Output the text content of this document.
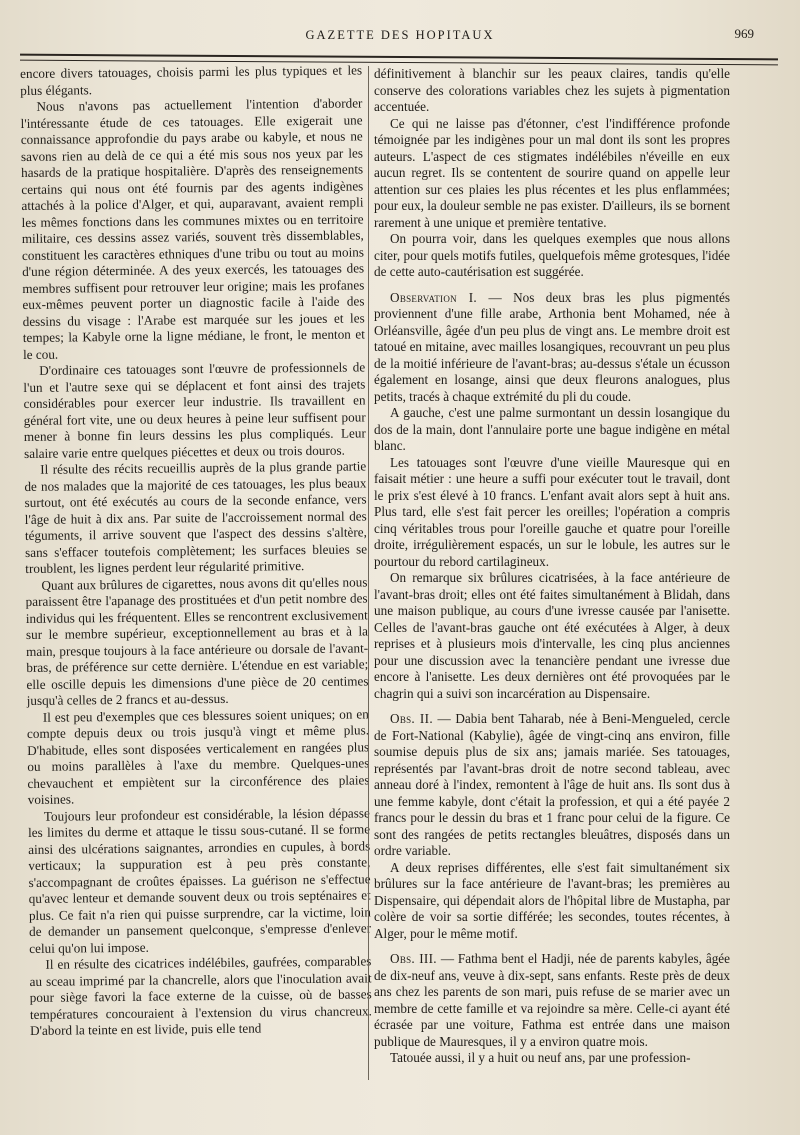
GAZETTE DES HOPITAUX	969

encore divers tatouages, choisis parmi les plus typiques et les plus élégants.

Nous n'avons pas actuellement l'intention d'aborder l'intéressante étude de ces tatouages. Elle exigerait une connaissance approfondie du pays arabe ou kabyle, et nous ne savons rien au delà de ce qui a été mis sous nos yeux par les hasards de la pratique hospitalière. D'après des renseignements certains qui nous ont été fournis par des agents indigènes attachés à la police d'Alger, et qui, auparavant, avaient rempli les mêmes fonctions dans les communes mixtes ou en territoire militaire, ces dessins assez variés, souvent très dissemblables, constituent les caractères ethniques d'une tribu ou tout au moins d'une région déterminée. A des yeux exercés, les tatouages des membres suffisent pour retrouver leur origine; mais les profanes eux-mêmes peuvent porter un diagnostic facile à l'aide des dessins du visage : l'Arabe est marquée sur les joues et les tempes; la Kabyle orne la ligne médiane, le front, le menton et le cou.

D'ordinaire ces tatouages sont l'œuvre de professionnels de l'un et l'autre sexe qui se déplacent et font ainsi des trajets considérables pour exercer leur industrie. Ils travaillent en général fort vite, une ou deux heures à peine leur suffisent pour mener à bonne fin leurs dessins les plus compliqués. Leur salaire varie entre quelques piécettes et deux ou trois douros.

Il résulte des récits recueillis auprès de la plus grande partie de nos malades que la majorité de ces tatouages, les plus beaux surtout, ont été exécutés au cours de la seconde enfance, vers l'âge de huit à dix ans. Par suite de l'accroissement normal des téguments, il arrive souvent que l'aspect des dessins s'altère, sans s'effacer toutefois complètement; les surfaces bleuies se troublent, les lignes perdent leur régularité primitive.

Quant aux brûlures de cigarettes, nous avons dit qu'elles nous paraissent être l'apanage des prostituées et d'un petit nombre des individus qui les fréquentent. Elles se rencontrent exclusivement sur le membre supérieur, exceptionnellement au bras et à la main, presque toujours à la face antérieure ou dorsale de l'avant-bras, de préférence sur cette dernière. L'étendue en est variable; elle oscille depuis les dimensions d'une pièce de 20 centimes jusqu'à celles de 2 francs et au-dessus.

Il est peu d'exemples que ces blessures soient uniques; on en compte depuis deux ou trois jusqu'à vingt et même plus. D'habitude, elles sont disposées verticalement en rangées plus ou moins parallèles à l'axe du membre. Quelques-unes chevauchent et empiètent sur la circonférence des plaies voisines.

Toujours leur profondeur est considérable, la lésion dépasse les limites du derme et attaque le tissu sous-cutané. Il se forme ainsi des ulcérations saignantes, arrondies en cupules, à bords verticaux; la suppuration est à peu près constante, s'accompagnant de croûtes épaisses. La guérison ne s'effectue qu'avec lenteur et demande souvent deux ou trois septénaires et plus. Ce fait n'a rien qui puisse surprendre, car la victime, loin de demander un pansement quelconque, s'empresse d'enlever celui qu'on lui impose.

Il en résulte des cicatrices indélébiles, gaufrées, comparables au sceau imprimé par la chancrelle, alors que l'inoculation avait pour siège favori la face externe de la cuisse, où de basses températures concouraient à l'extension du virus chancreux. D'abord la teinte en est livide, puis elle tend

définitivement à blanchir sur les peaux claires, tandis qu'elle conserve des colorations variables chez les sujets à pigmentation accentuée.

Ce qui ne laisse pas d'étonner, c'est l'indifférence profonde témoignée par les indigènes pour un mal dont ils sont les propres auteurs. L'aspect de ces stigmates indélébiles n'éveille en eux aucun regret. Ils se contentent de sourire quand on appelle leur attention sur ces plaies les plus récentes et les plus enflammées; pour eux, la douleur semble ne pas exister. D'ailleurs, ils se bornent rarement à une unique et première tentative.

On pourra voir, dans les quelques exemples que nous allons citer, pour quels motifs futiles, quelquefois même grotesques, l'idée de cette auto-cautérisation est suggérée.

Observation I. — Nos deux bras les plus pigmentés proviennent d'une fille arabe, Arthonia bent Mohamed, née à Orléansville, âgée d'un peu plus de vingt ans. Le membre droit est tatoué en mitaine, avec mailles losangiques, recouvrant un peu plus de la moitié inférieure de l'avant-bras; au-dessus s'étale un écusson également en losange, ainsi que deux fleurons analogues, plus petits, tracés à chaque extrémité du pli du coude.

A gauche, c'est une palme surmontant un dessin losangique du dos de la main, dont l'annulaire porte une bague indigène en métal blanc.

Les tatouages sont l'œuvre d'une vieille Mauresque qui en faisait métier : une heure a suffi pour exécuter tout le travail, dont le prix s'est élevé à 10 francs. L'enfant avait alors sept à huit ans. Plus tard, elle s'est fait percer les oreilles; l'opération a compris cinq véritables trous pour l'oreille gauche et quatre pour l'oreille droite, irrégulièrement espacés, un sur le lobule, les autres sur le pourtour du rebord cartilagineux.

On remarque six brûlures cicatrisées, à la face antérieure de l'avant-bras droit; elles ont été faites simultanément à Blidah, dans une maison publique, au cours d'une ivresse causée par l'anisette. Celles de l'avant-bras gauche ont été exécutées à Alger, à deux reprises et à plusieurs mois d'intervalle, les cinq plus anciennes pour une discussion avec la tenancière pendant une ivresse due encore à l'anisette. Les deux dernières ont été provoquées par le chagrin qui a suivi son incarcération au Dispensaire.

Obs. II. — Dabia bent Taharab, née à Beni-Mengueled, cercle de Fort-National (Kabylie), âgée de vingt-cinq ans environ, fille soumise depuis plus de six ans; jamais mariée. Ses tatouages, représentés par l'avant-bras droit de notre second tableau, avec anneau doré à l'index, remontent à l'âge de huit ans. Ils sont dus à une femme kabyle, dont c'était la profession, et qui a été payée 2 francs pour le dessin du bras et 1 franc pour celui de la figure. Ce sont des rangées de petits rectangles bleuâtres, disposés dans un ordre variable.

A deux reprises différentes, elle s'est fait simultanément six brûlures sur la face antérieure de l'avant-bras; les premières au Dispensaire, qui dépendait alors de l'hôpital libre de Mustapha, par colère de voir sa sortie différée; les secondes, toutes récentes, à Alger, pour le même motif.

Obs. III. — Fathma bent el Hadji, née de parents kabyles, âgée de dix-neuf ans, veuve à dix-sept, sans enfants. Reste près de deux ans chez les parents de son mari, puis refuse de se marier avec un membre de cette famille et va rejoindre sa mère. Celle-ci ayant été écrasée par une voiture, Fathma est entrée dans une maison publique de Mauresques, il y a environ quatre mois.

Tatouée aussi, il y a huit ou neuf ans, par une profession-
